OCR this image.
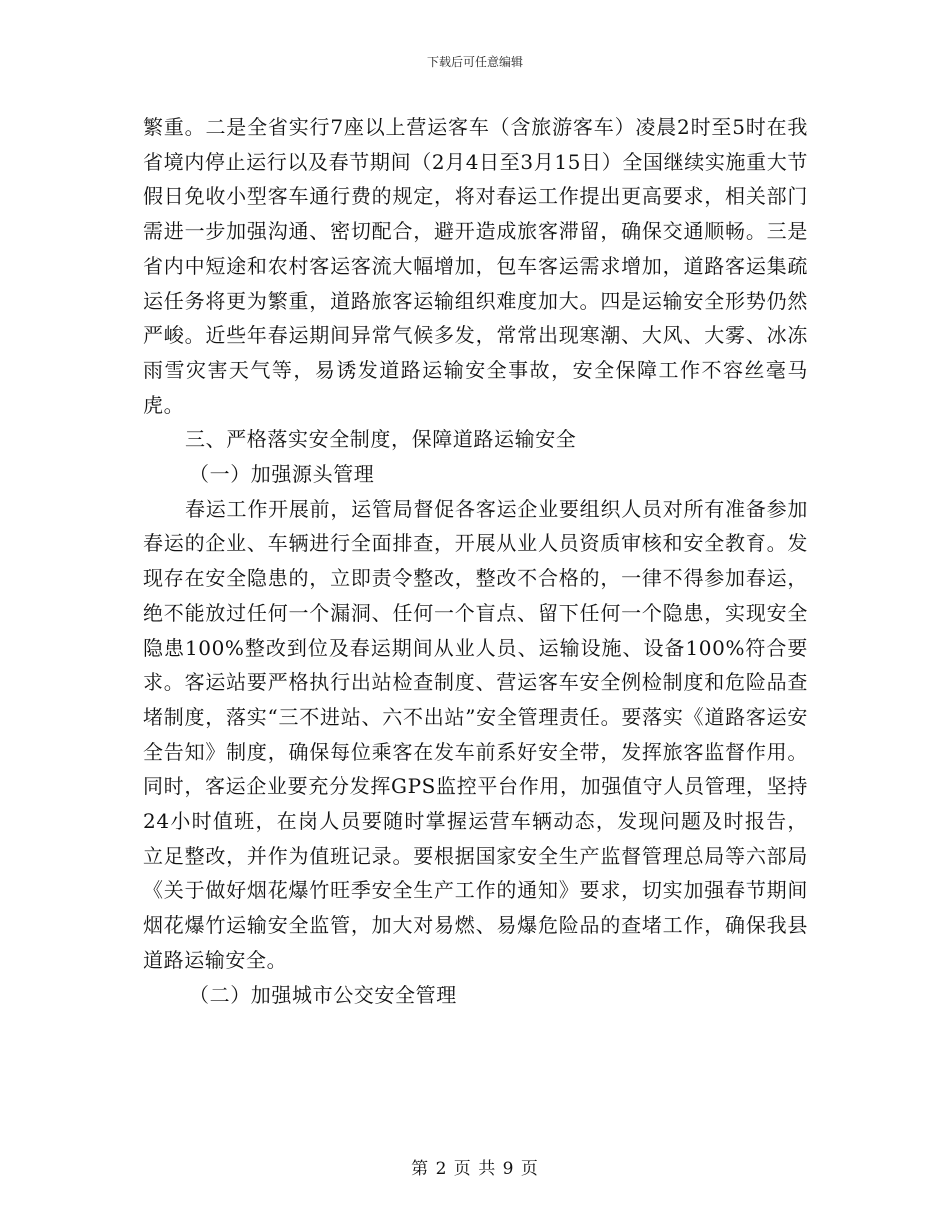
下载后可任意编辑

繁重。二是全省实行7座以上营运客车（含旅游客车）凌晨2时至5时在我省境内停止运行以及春节期间（2月4日至3月15日）全国继续实施重大节假日免收小型客车通行费的规定，将对春运工作提出更高要求，相关部门需进一步加强沟通、密切配合，避开造成旅客滞留，确保交通顺畅。三是省内中短途和农村客运客流大幅增加，包车客运需求增加，道路客运集疏运任务将更为繁重，道路旅客运输组织难度加大。四是运输安全形势仍然严峻。近些年春运期间异常气候多发，常常出现寒潮、大风、大雾、冰冻雨雪灾害天气等，易诱发道路运输安全事故，安全保障工作不容丝毫马虎。

三、严格落实安全制度，保障道路运输安全

（一）加强源头管理

春运工作开展前，运管局督促各客运企业要组织人员对所有准备参加春运的企业、车辆进行全面排查，开展从业人员资质审核和安全教育。发现存在安全隐患的，立即责令整改，整改不合格的，一律不得参加春运，绝不能放过任何一个漏洞、任何一个盲点、留下任何一个隐患，实现安全隐患100%整改到位及春运期间从业人员、运输设施、设备100%符合要求。客运站要严格执行出站检查制度、营运客车安全例检制度和危险品查堵制度，落实“三不进站、六不出站”安全管理责任。要落实《道路客运安全告知》制度，确保每位乘客在发车前系好安全带，发挥旅客监督作用。同时，客运企业要充分发挥GPS监控平台作用，加强值守人员管理，坚持24小时值班，在岗人员要随时掌握运营车辆动态，发现问题及时报告，立足整改，并作为值班记录。要根据国家安全生产监督管理总局等六部局《关于做好烟花爆竹旺季安全生产工作的通知》要求，切实加强春节期间烟花爆竹运输安全监管，加大对易燃、易爆危险品的查堵工作，确保我县道路运输安全。

（二）加强城市公交安全管理

第 2 页 共 9 页
